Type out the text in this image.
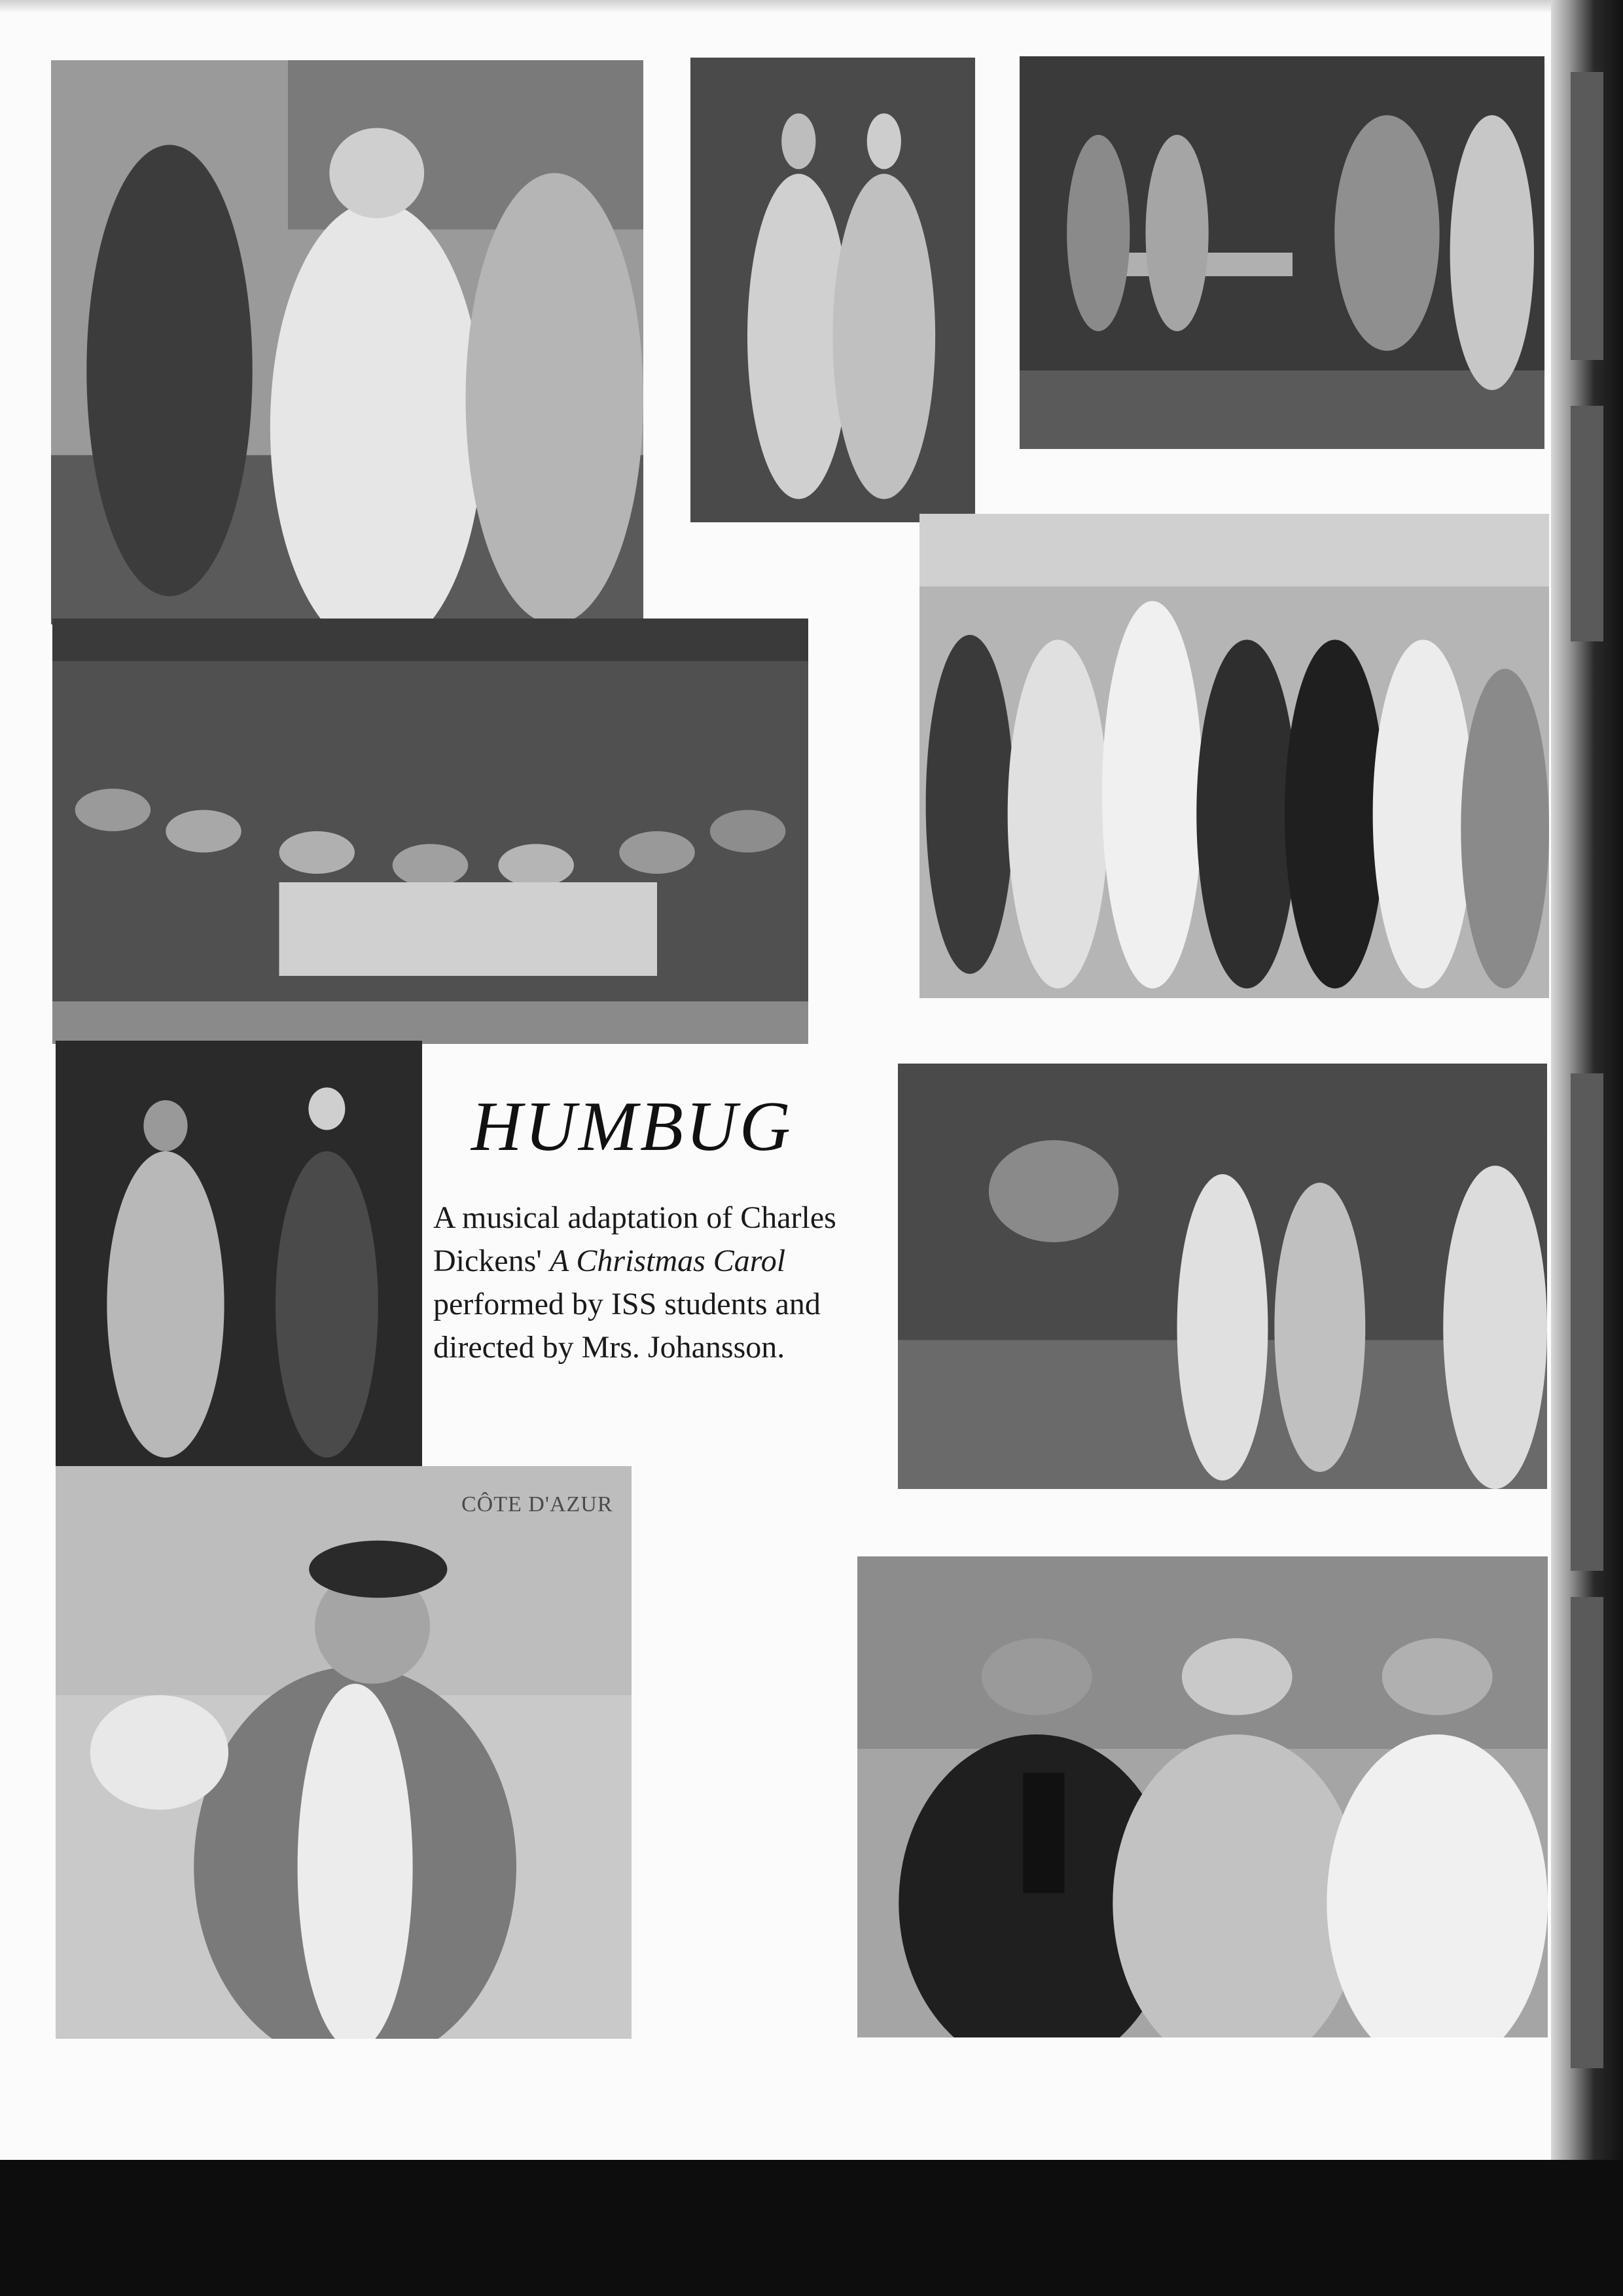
HUMBUG

A musical adaptation of Charles Dickens' A Christmas Carol performed by ISS students and directed by Mrs. Johansson.

CÔTE D'AZUR
